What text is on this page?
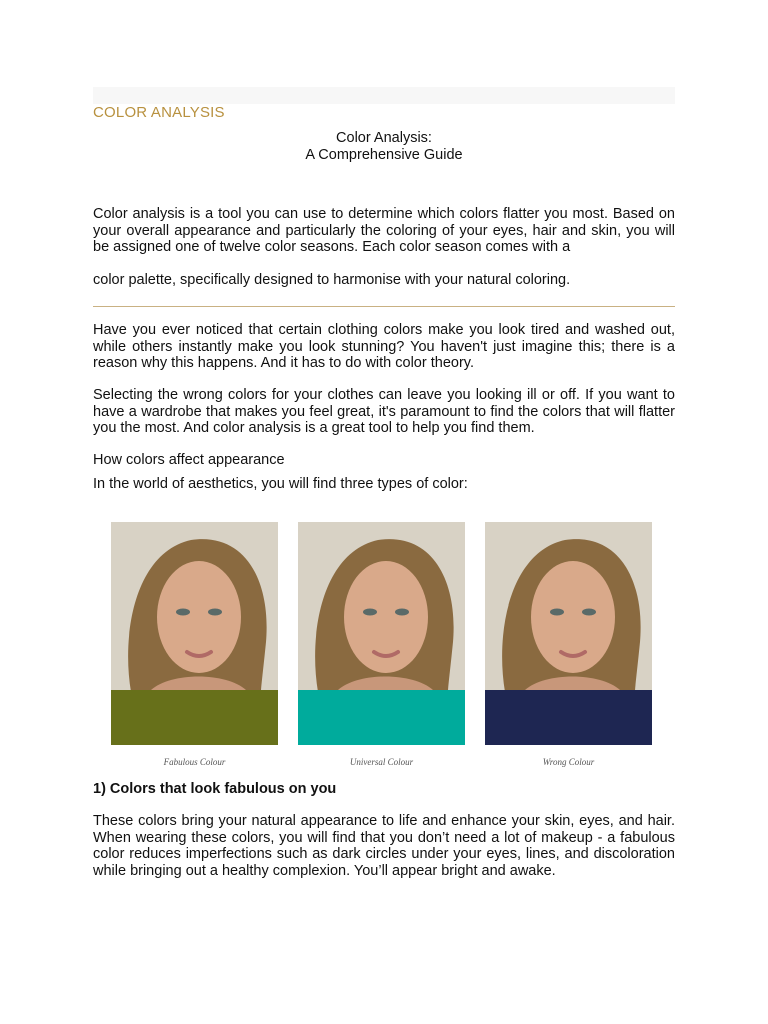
COLOR ANALYSIS
Color Analysis:
A Comprehensive Guide

Color analysis is a tool you can use to determine which colors flatter you most. Based on your overall appearance and particularly the coloring of your eyes, hair and skin, you will be assigned one of twelve color seasons. Each color season comes with a

color palette, specifically designed to harmonise with your natural coloring.

Have you ever noticed that certain clothing colors make you look tired and washed out, while others instantly make you look stunning? You haven't just imagine this; there is a reason why this happens. And it has to do with color theory.

Selecting the wrong colors for your clothes can leave you looking ill or off. If you want to have a wardrobe that makes you feel great, it's paramount to find the colors that will flatter you the most. And color analysis is a great tool to help you find them.

How colors affect appearance

In the world of aesthetics, you will find three types of color:

Fabulous Colour	Universal Colour	Wrong Colour
1) Colors that look fabulous on you

These colors bring your natural appearance to life and enhance your skin, eyes, and hair. When wearing these colors, you will find that you don’t need a lot of makeup - a fabulous color reduces imperfections such as dark circles under your eyes, lines, and discoloration while bringing out a healthy complexion. You’ll appear bright and awake.
